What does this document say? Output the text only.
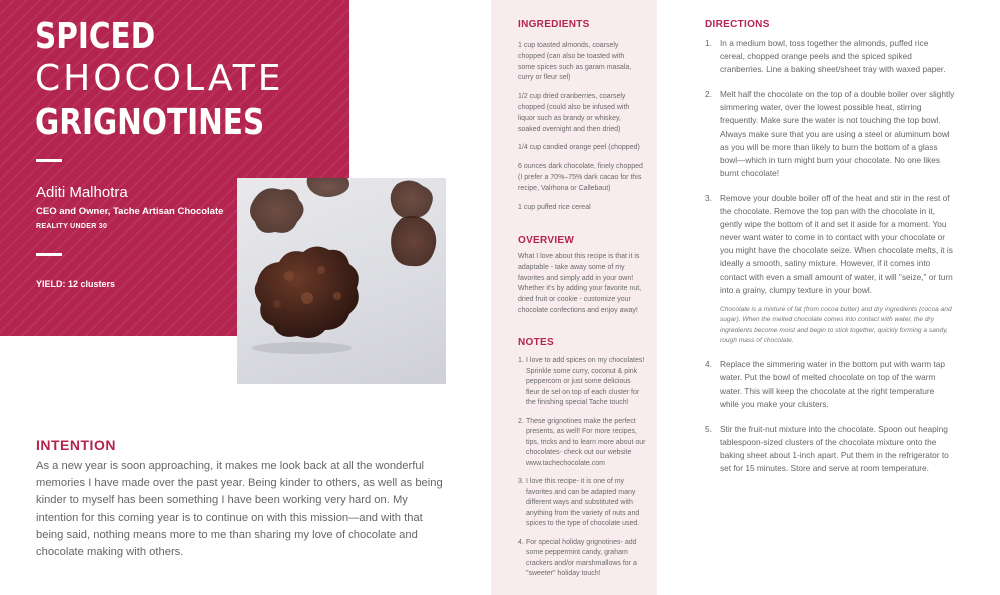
SPICED
CHOCOLATE
GRIGNOTINES
Aditi Malhotra
CEO and Owner, Tache Artisan Chocolate
REALITY UNDER 30
YIELD: 12 clusters
INTENTION

As a new year is soon approaching, it makes me look back at all the wonderful memories I have made over the past year. Being kinder to others, as well as being kinder to myself has been something I have been working very hard on. My intention for this coming year is to continue on with this mission—and with that being said, nothing means more to me than sharing my love of chocolate and chocolate making with others.

INGREDIENTS

1 cup toasted almonds, coarsely chopped (can also be toasted with some spices such as garam masala, curry or fleur sel)

1/2 cup dried cranberries, coarsely chopped (could also be infused with liquor such as brandy or whiskey, soaked overnight and then dried)

1/4 cup candied orange peel (chopped)

6 ounces dark chocolate, finely chopped (I prefer a 70%–75% dark cacao for this recipe, Valrhona or Callebaut)

1 cup puffed rice cereal

OVERVIEW

What I love about this recipe is that it is adaptable - take away some of my favorites and simply add in your own! Whether it's by adding your favorite nut, dried fruit or cookie - customize your chocolate confections and enjoy away!

NOTES
1. I love to add spices on my chocolates! Sprinkle some curry, coconut & pink peppercorn or just some delicious fleur de sel on top of each cluster for the finishing special Tache touch!
2. These grignotines make the perfect presents, as well! For more recipes, tips, tricks and to learn more about our chocolates- check out our website www.tachechocolate.com
3. I love this recipe- it is one of my favorites and can be adapted many different ways and substituted with anything from the variety of nuts and spices to the type of chocolate used.
4. For special holiday grignotines- add some peppermint candy, graham crackers and/or marshmallows for a "sweeter" holiday touch!
DIRECTIONS
1. In a medium bowl, toss together the almonds, puffed rice cereal, chopped orange peels and the spiced spiked cranberries. Line a baking sheet/sheet tray with waxed paper.

2. Melt half the chocolate on the top of a double boiler over slightly simmering water, over the lowest possible heat, stirring frequently. Make sure the water is not touching the top bowl. Always make sure that you are using a steel or aluminum bowl as you will be more than likely to burn the bottom of a glass bowl—which in turn might burn your chocolate. No one likes burnt chocolate!

3. Remove your double boiler off of the heat and stir in the rest of the chocolate. Remove the top pan with the chocolate in it, gently wipe the bottom of it and set it aside for a moment. You never want water to come in to contact with your chocolate or you might have the chocolate seize. When chocolate melts, it is ideally a smooth, satiny mixture. However, if it comes into contact with even a small amount of water, it will "seize," or turn into a grainy, clumpy texture in your bowl.

Chocolate is a mixture of fat (from cocoa butter) and dry ingredients (cocoa and sugar). When the melted chocolate comes into contact with water, the dry ingredients become moist and begin to stick together, quickly forming a sandy, rough mass of chocolate.

4. Replace the simmering water in the bottom put with warm tap water. Put the bowl of melted chocolate on top of the warm water. This will keep the chocolate at the right temperature while you make your clusters.

5. Stir the fruit-nut mixture into the chocolate. Spoon out heaping tablespoon-sized clusters of the chocolate mixture onto the baking sheet about 1-inch apart. Put them in the refrigerator to set for 15 minutes. Store and serve at room temperature.
